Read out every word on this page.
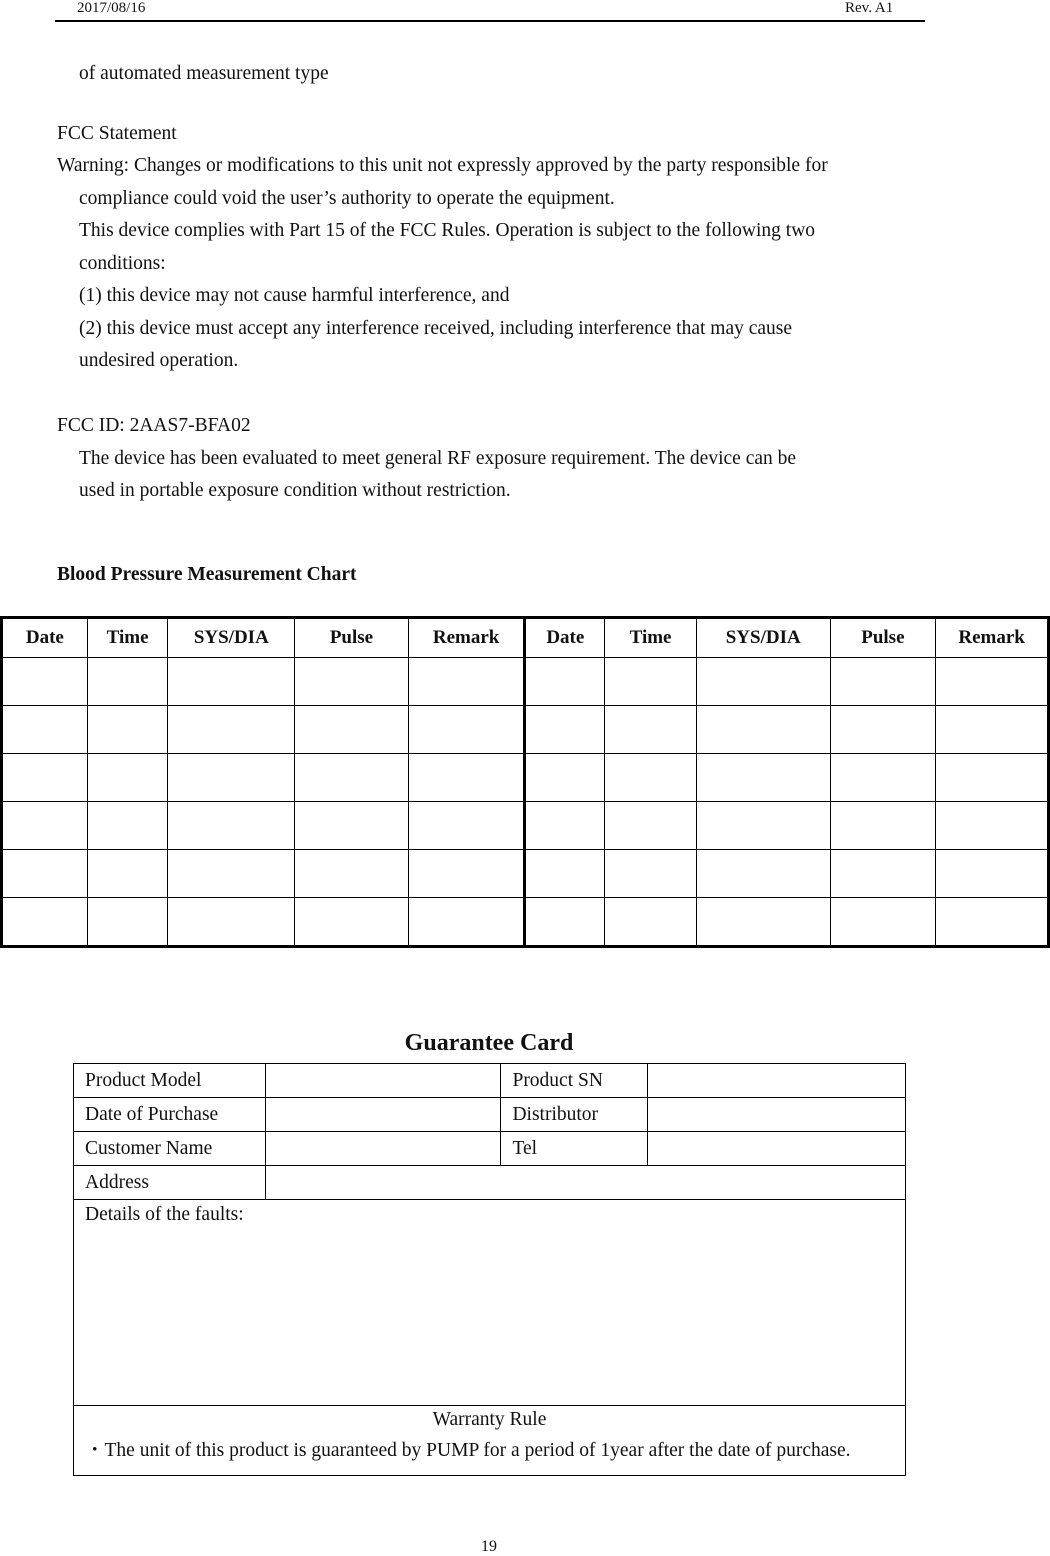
2017/08/16	Rev. A1
of automated measurement type
FCC Statement
Warning: Changes or modifications to this unit not expressly approved by the party responsible for
compliance could void the user’s authority to operate the equipment.
This device complies with Part 15 of the FCC Rules. Operation is subject to the following two
conditions:
(1) this device may not cause harmful interference, and
(2) this device must accept any interference received, including interference that may cause
undesired operation.
FCC ID: 2AAS7-BFA02
The device has been evaluated to meet general RF exposure requirement. The device can be
used in portable exposure condition without restriction.
Blood Pressure Measurement Chart
Date	Time	SYS/DIA	Pulse	Remark	Date	Time	SYS/DIA	Pulse	Remark

Guarantee Card
Product Model		Product SN	
Date of Purchase		Distributor	
Customer Name		Tel	
Address			
Details of the faults:			

Warranty Rule
・The unit of this product is guaranteed by PUMP for a period of 1year after the date of purchase.			
19
